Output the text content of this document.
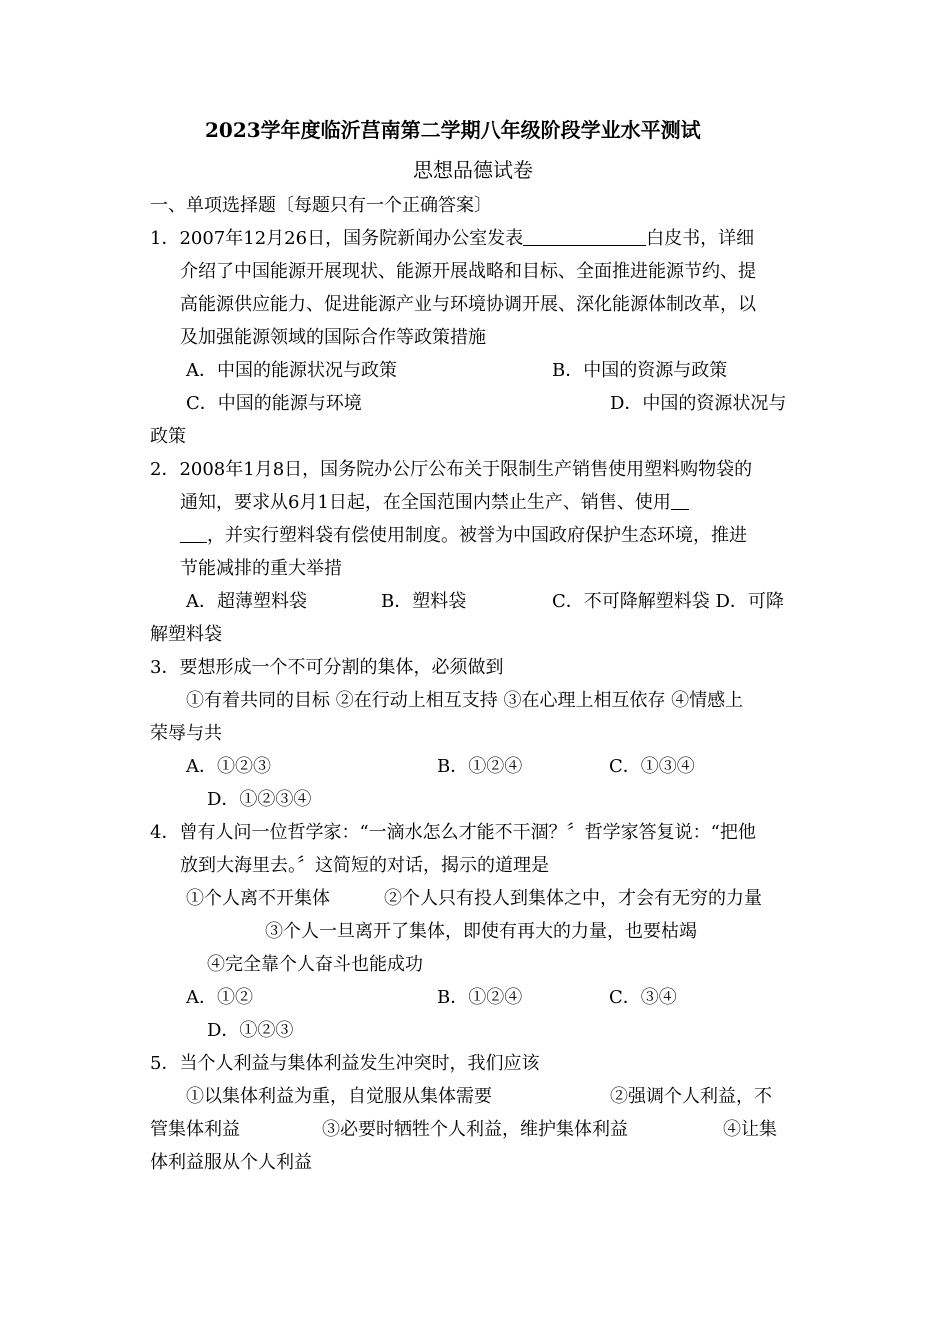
2023学年度临沂莒南第二学期八年级阶段学业水平测试
思想品德试卷
一、单项选择题〔每题只有一个正确答案〕
1．2007年12月26日，国务院新闻办公室发表	白皮书，详细
介绍了中国能源开展现状、能源开展战略和目标、全面推进能源节约、提
高能源供应能力、促进能源产业与环境协调开展、深化能源体制改革，以
及加强能源领域的国际合作等政策措施
A．中国的能源状况与政策	B．中国的资源与政策
C．中国的能源与环境	D．中国的资源状况与
政策
2．2008年1月8日，国务院办公厅公布关于限制生产销售使用塑料购物袋的
通知，要求从6月1日起，在全国范围内禁止生产、销售、使用
，并实行塑料袋有偿使用制度。被誉为中国政府保护生态环境，推进
节能减排的重大举措
A．超薄塑料袋	B．塑料袋	C．不可降解塑料袋 D．可降
解塑料袋
3．要想形成一个不可分割的集体，必须做到
①有着共同的目标 ②在行动上相互支持 ③在心理上相互依存 ④情感上
荣辱与共
A．①②③	B．①②④	C．①③④
D．①②③④
4．曾有人问一位哲学家：“一滴水怎么才能不干涸？〞哲学家答复说：“把他
放到大海里去。〞这简短的对话，揭示的道理是
①个人离不开集体	②个人只有投人到集体之中，才会有无穷的力量
③个人一旦离开了集体，即使有再大的力量，也要枯竭
④完全靠个人奋斗也能成功
A．①②	B．①②④	C．③④
D．①②③
5．当个人利益与集体利益发生冲突时，我们应该
①以集体利益为重，自觉服从集体需要	②强调个人利益，不
管集体利益	③必要时牺牲个人利益，维护集体利益	④让集
体利益服从个人利益
